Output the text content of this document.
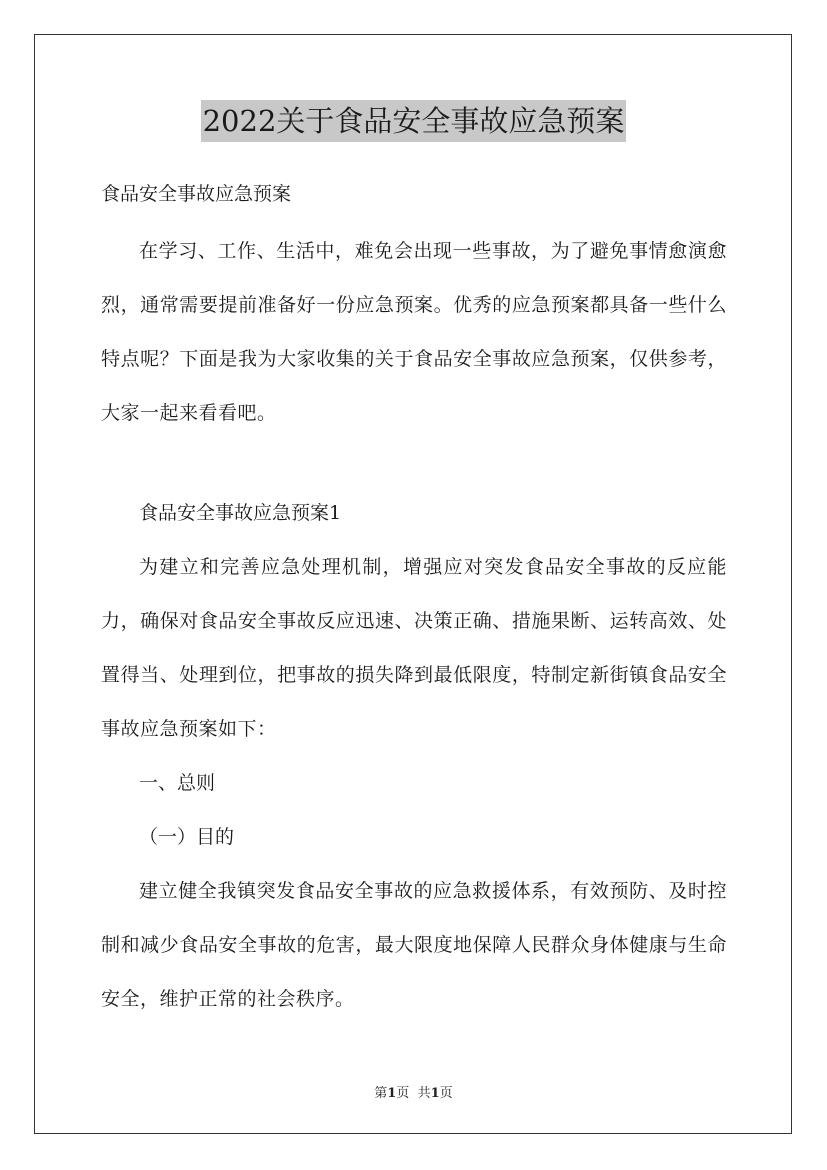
2022关于食品安全事故应急预案

食品安全事故应急预案

在学习、工作、生活中，难免会出现一些事故，为了避免事情愈演愈烈，通常需要提前准备好一份应急预案。优秀的应急预案都具备一些什么特点呢？下面是我为大家收集的关于食品安全事故应急预案，仅供参考，大家一起来看看吧。

食品安全事故应急预案1

为建立和完善应急处理机制，增强应对突发食品安全事故的反应能力，确保对食品安全事故反应迅速、决策正确、措施果断、运转高效、处置得当、处理到位，把事故的损失降到最低限度，特制定新街镇食品安全事故应急预案如下：

一、总则

（一）目的

建立健全我镇突发食品安全事故的应急救援体系，有效预防、及时控制和减少食品安全事故的危害，最大限度地保障人民群众身体健康与生命安全，维护正常的社会秩序。

第1页 共1页
